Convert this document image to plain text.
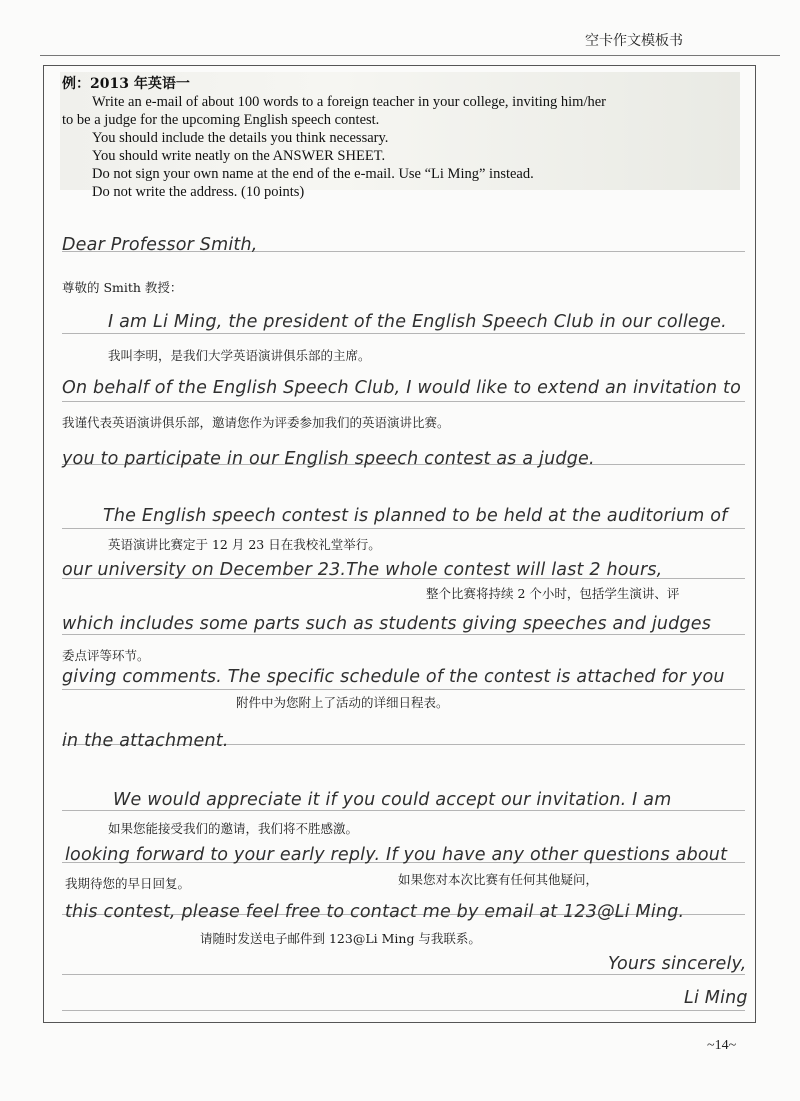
空卡作文模板书

例：2013 年英语一

Write an e-mail of about 100 words to a foreign teacher in your college, inviting him/her

to be a judge for the upcoming English speech contest.

You should include the details you think necessary.

You should write neatly on the ANSWER SHEET.

Do not sign your own name at the end of the e-mail. Use “Li Ming” instead.

Do not write the address. (10 points)

Dear Professor Smith,
尊敬的 Smith 教授：
I am Li Ming, the president of the English Speech Club in our college.
我叫李明，是我们大学英语演讲俱乐部的主席。
On behalf of the English Speech Club, I would like to extend an invitation to
我谨代表英语演讲俱乐部，邀请您作为评委参加我们的英语演讲比赛。
you to participate in our English speech contest as a judge.
The English speech contest is planned to be held at the auditorium of
英语演讲比赛定于 12 月 23 日在我校礼堂举行。
our university on December 23.The whole contest will last 2 hours,
整个比赛将持续 2 个小时，包括学生演讲、评
which includes some parts such as students giving speeches and judges
委点评等环节。
giving comments. The specific schedule of the contest is attached for you
附件中为您附上了活动的详细日程表。
in the attachment.
We would appreciate it if you could accept our invitation. I am
如果您能接受我们的邀请，我们将不胜感激。
looking forward to your early reply. If you have any other questions about
我期待您的早日回复。	如果您对本次比赛有任何其他疑问，
this contest, please feel free to contact me by email at 123@Li Ming.
请随时发送电子邮件到 123@Li Ming 与我联系。
Yours sincerely,
Li Ming
~14~
